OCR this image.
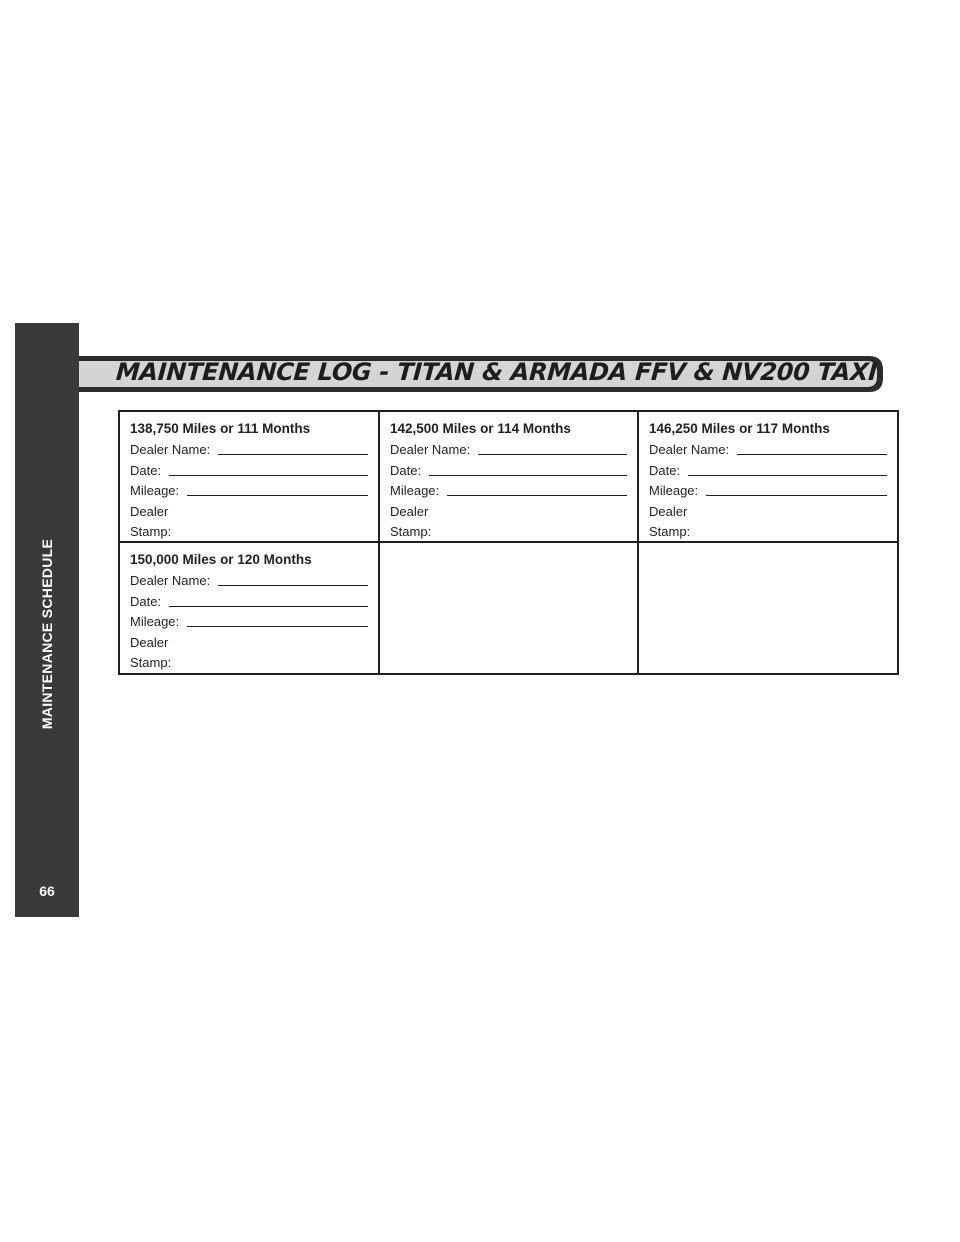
MAINTENANCE SCHEDULE
66
MAINTENANCE LOG - TITAN & ARMADA FFV & NV200 TAXI
138,750 Miles or 111 Months
Dealer Name:
Date:
Mileage:
Dealer
Stamp:
142,500 Miles or 114 Months
Dealer Name:
Date:
Mileage:
Dealer
Stamp:
146,250 Miles or 117 Months
Dealer Name:
Date:
Mileage:
Dealer
Stamp:
150,000 Miles or 120 Months
Dealer Name:
Date:
Mileage:
Dealer
Stamp:
